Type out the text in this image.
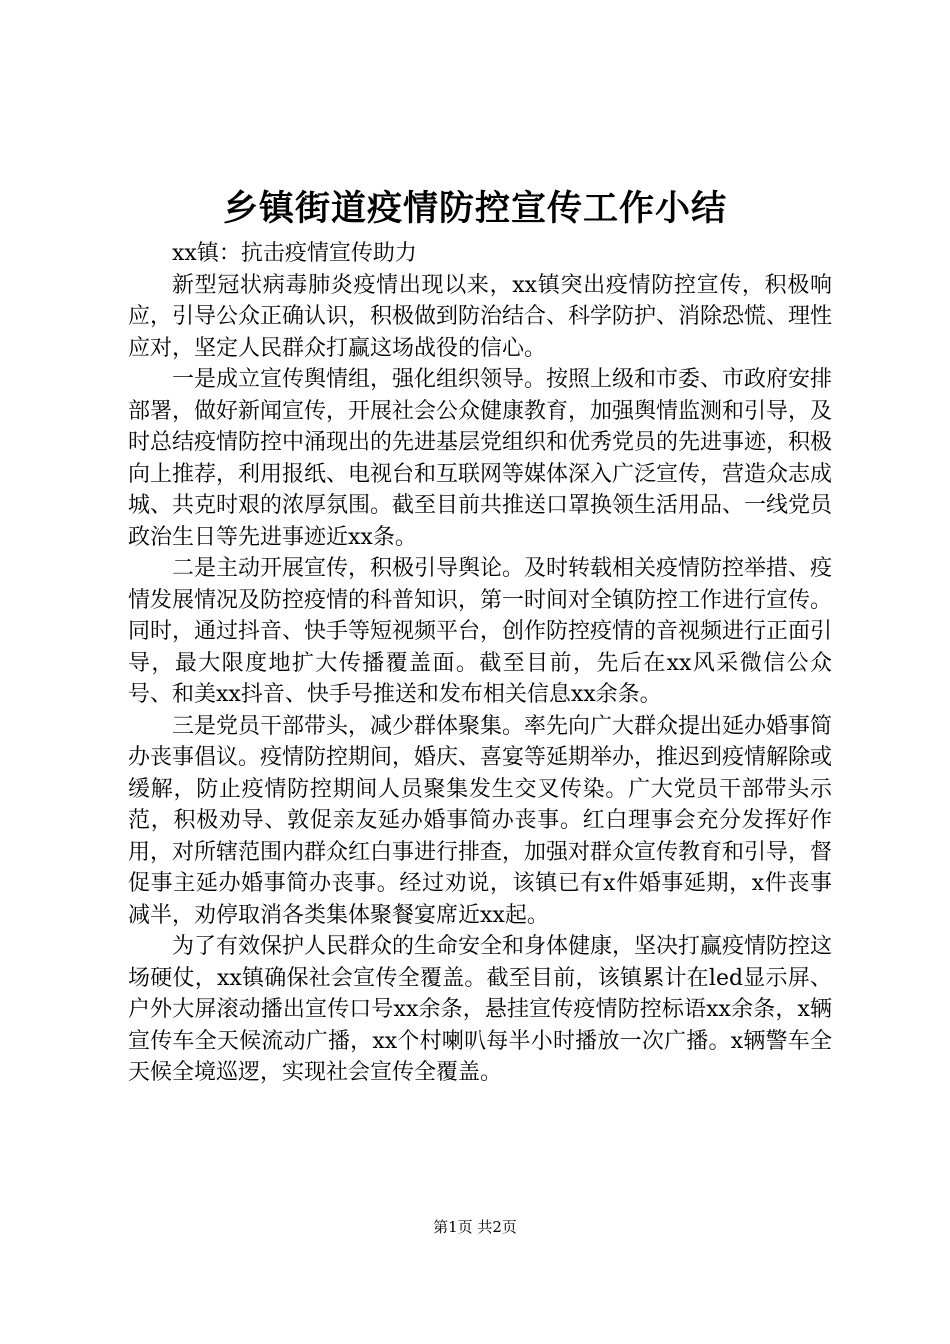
乡镇街道疫情防控宣传工作小结

xx镇：抗击疫情宣传助力

新型冠状病毒肺炎疫情出现以来，xx镇突出疫情防控宣传，积极响应，引导公众正确认识，积极做到防治结合、科学防护、消除恐慌、理性应对，坚定人民群众打赢这场战役的信心。

一是成立宣传舆情组，强化组织领导。按照上级和市委、市政府安排部署，做好新闻宣传，开展社会公众健康教育，加强舆情监测和引导，及时总结疫情防控中涌现出的先进基层党组织和优秀党员的先进事迹，积极向上推荐，利用报纸、电视台和互联网等媒体深入广泛宣传，营造众志成城、共克时艰的浓厚氛围。截至目前共推送口罩换领生活用品、一线党员政治生日等先进事迹近xx条。

二是主动开展宣传，积极引导舆论。及时转载相关疫情防控举措、疫情发展情况及防控疫情的科普知识，第一时间对全镇防控工作进行宣传。同时，通过抖音、快手等短视频平台，创作防控疫情的音视频进行正面引导，最大限度地扩大传播覆盖面。截至目前，先后在xx风采微信公众号、和美xx抖音、快手号推送和发布相关信息xx余条。

三是党员干部带头，减少群体聚集。率先向广大群众提出延办婚事简办丧事倡议。疫情防控期间，婚庆、喜宴等延期举办，推迟到疫情解除或缓解，防止疫情防控期间人员聚集发生交叉传染。广大党员干部带头示范，积极劝导、敦促亲友延办婚事简办丧事。红白理事会充分发挥好作用，对所辖范围内群众红白事进行排查，加强对群众宣传教育和引导，督促事主延办婚事简办丧事。经过劝说，该镇已有x件婚事延期，x件丧事减半，劝停取消各类集体聚餐宴席近xx起。

为了有效保护人民群众的生命安全和身体健康，坚决打赢疫情防控这场硬仗，xx镇确保社会宣传全覆盖。截至目前，该镇累计在led显示屏、户外大屏滚动播出宣传口号xx余条，悬挂宣传疫情防控标语xx余条，x辆宣传车全天候流动广播，xx个村喇叭每半小时播放一次广播。x辆警车全天候全境巡逻，实现社会宣传全覆盖。

第1页 共2页
